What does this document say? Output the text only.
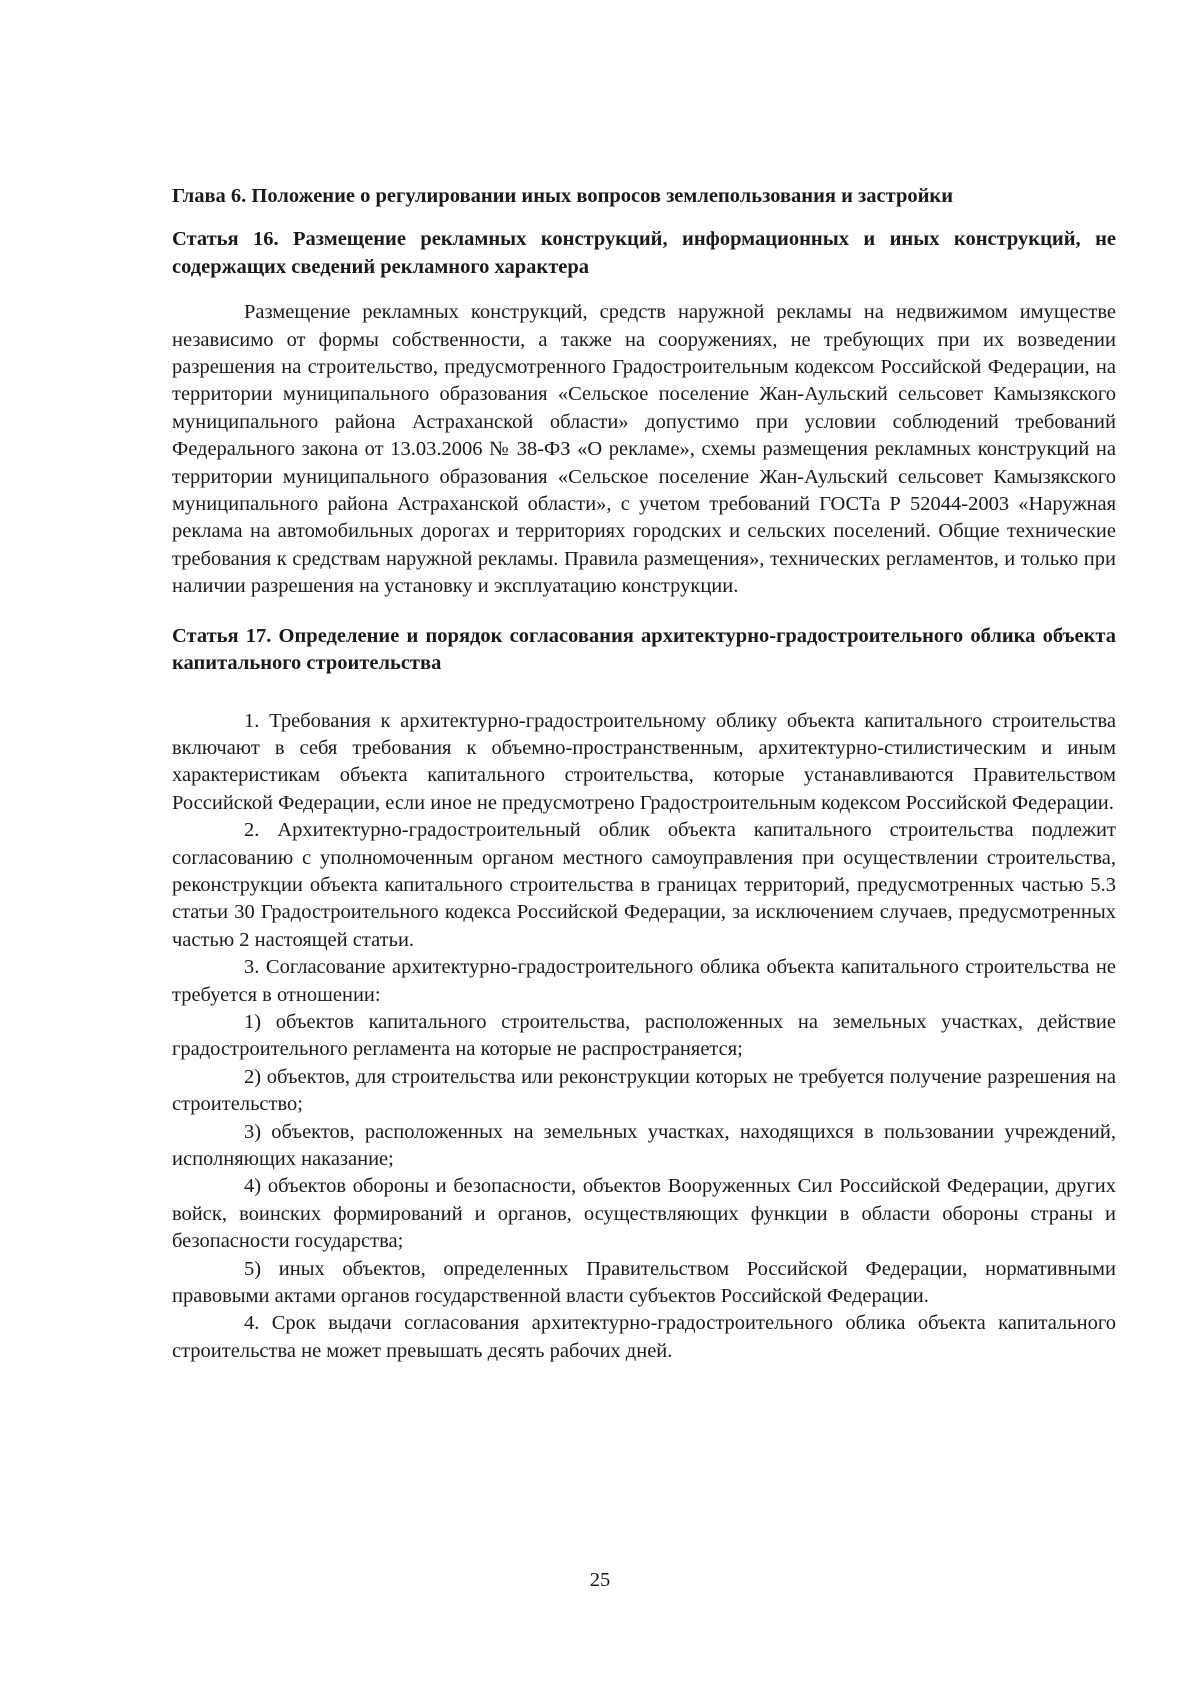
Глава 6. Положение о регулировании иных вопросов землепользования и застройки

Статья 16. Размещение рекламных конструкций, информационных и иных конструкций, не содержащих сведений рекламного характера

Размещение рекламных конструкций, средств наружной рекламы на недвижимом имуществе независимо от формы собственности, а также на сооружениях, не требующих при их возведении разрешения на строительство, предусмотренного Градостроительным кодексом Российской Федерации, на территории муниципального образования «Сельское поселение Жан-Аульский сельсовет Камызякского муниципального района Астраханской области» допустимо при условии соблюдений требований Федерального закона от 13.03.2006 № 38-ФЗ «О рекламе», схемы размещения рекламных конструкций на территории муниципального образования «Сельское поселение Жан-Аульский сельсовет Камызякского муниципального района Астраханской области», с учетом требований ГОСТа Р 52044-2003 «Наружная реклама на автомобильных дорогах и территориях городских и сельских поселений. Общие технические требования к средствам наружной рекламы. Правила размещения», технических регламентов, и только при наличии разрешения на установку и эксплуатацию конструкции.

Статья 17. Определение и порядок согласования архитектурно-градостроительного облика объекта капитального строительства

1. Требования к архитектурно-градостроительному облику объекта капитального строительства включают в себя требования к объемно-пространственным, архитектурно-стилистическим и иным характеристикам объекта капитального строительства, которые устанавливаются Правительством Российской Федерации, если иное не предусмотрено Градостроительным кодексом Российской Федерации.

2. Архитектурно-градостроительный облик объекта капитального строительства подлежит согласованию с уполномоченным органом местного самоуправления при осуществлении строительства, реконструкции объекта капитального строительства в границах территорий, предусмотренных частью 5.3 статьи 30 Градостроительного кодекса Российской Федерации, за исключением случаев, предусмотренных частью 2 настоящей статьи.

3. Согласование архитектурно-градостроительного облика объекта капитального строительства не требуется в отношении:

1) объектов капитального строительства, расположенных на земельных участках, действие градостроительного регламента на которые не распространяется;

2) объектов, для строительства или реконструкции которых не требуется получение разрешения на строительство;

3) объектов, расположенных на земельных участках, находящихся в пользовании учреждений, исполняющих наказание;

4) объектов обороны и безопасности, объектов Вооруженных Сил Российской Федерации, других войск, воинских формирований и органов, осуществляющих функции в области обороны страны и безопасности государства;

5) иных объектов, определенных Правительством Российской Федерации, нормативными правовыми актами органов государственной власти субъектов Российской Федерации.

4. Срок выдачи согласования архитектурно-градостроительного облика объекта капитального строительства не может превышать десять рабочих дней.

25
